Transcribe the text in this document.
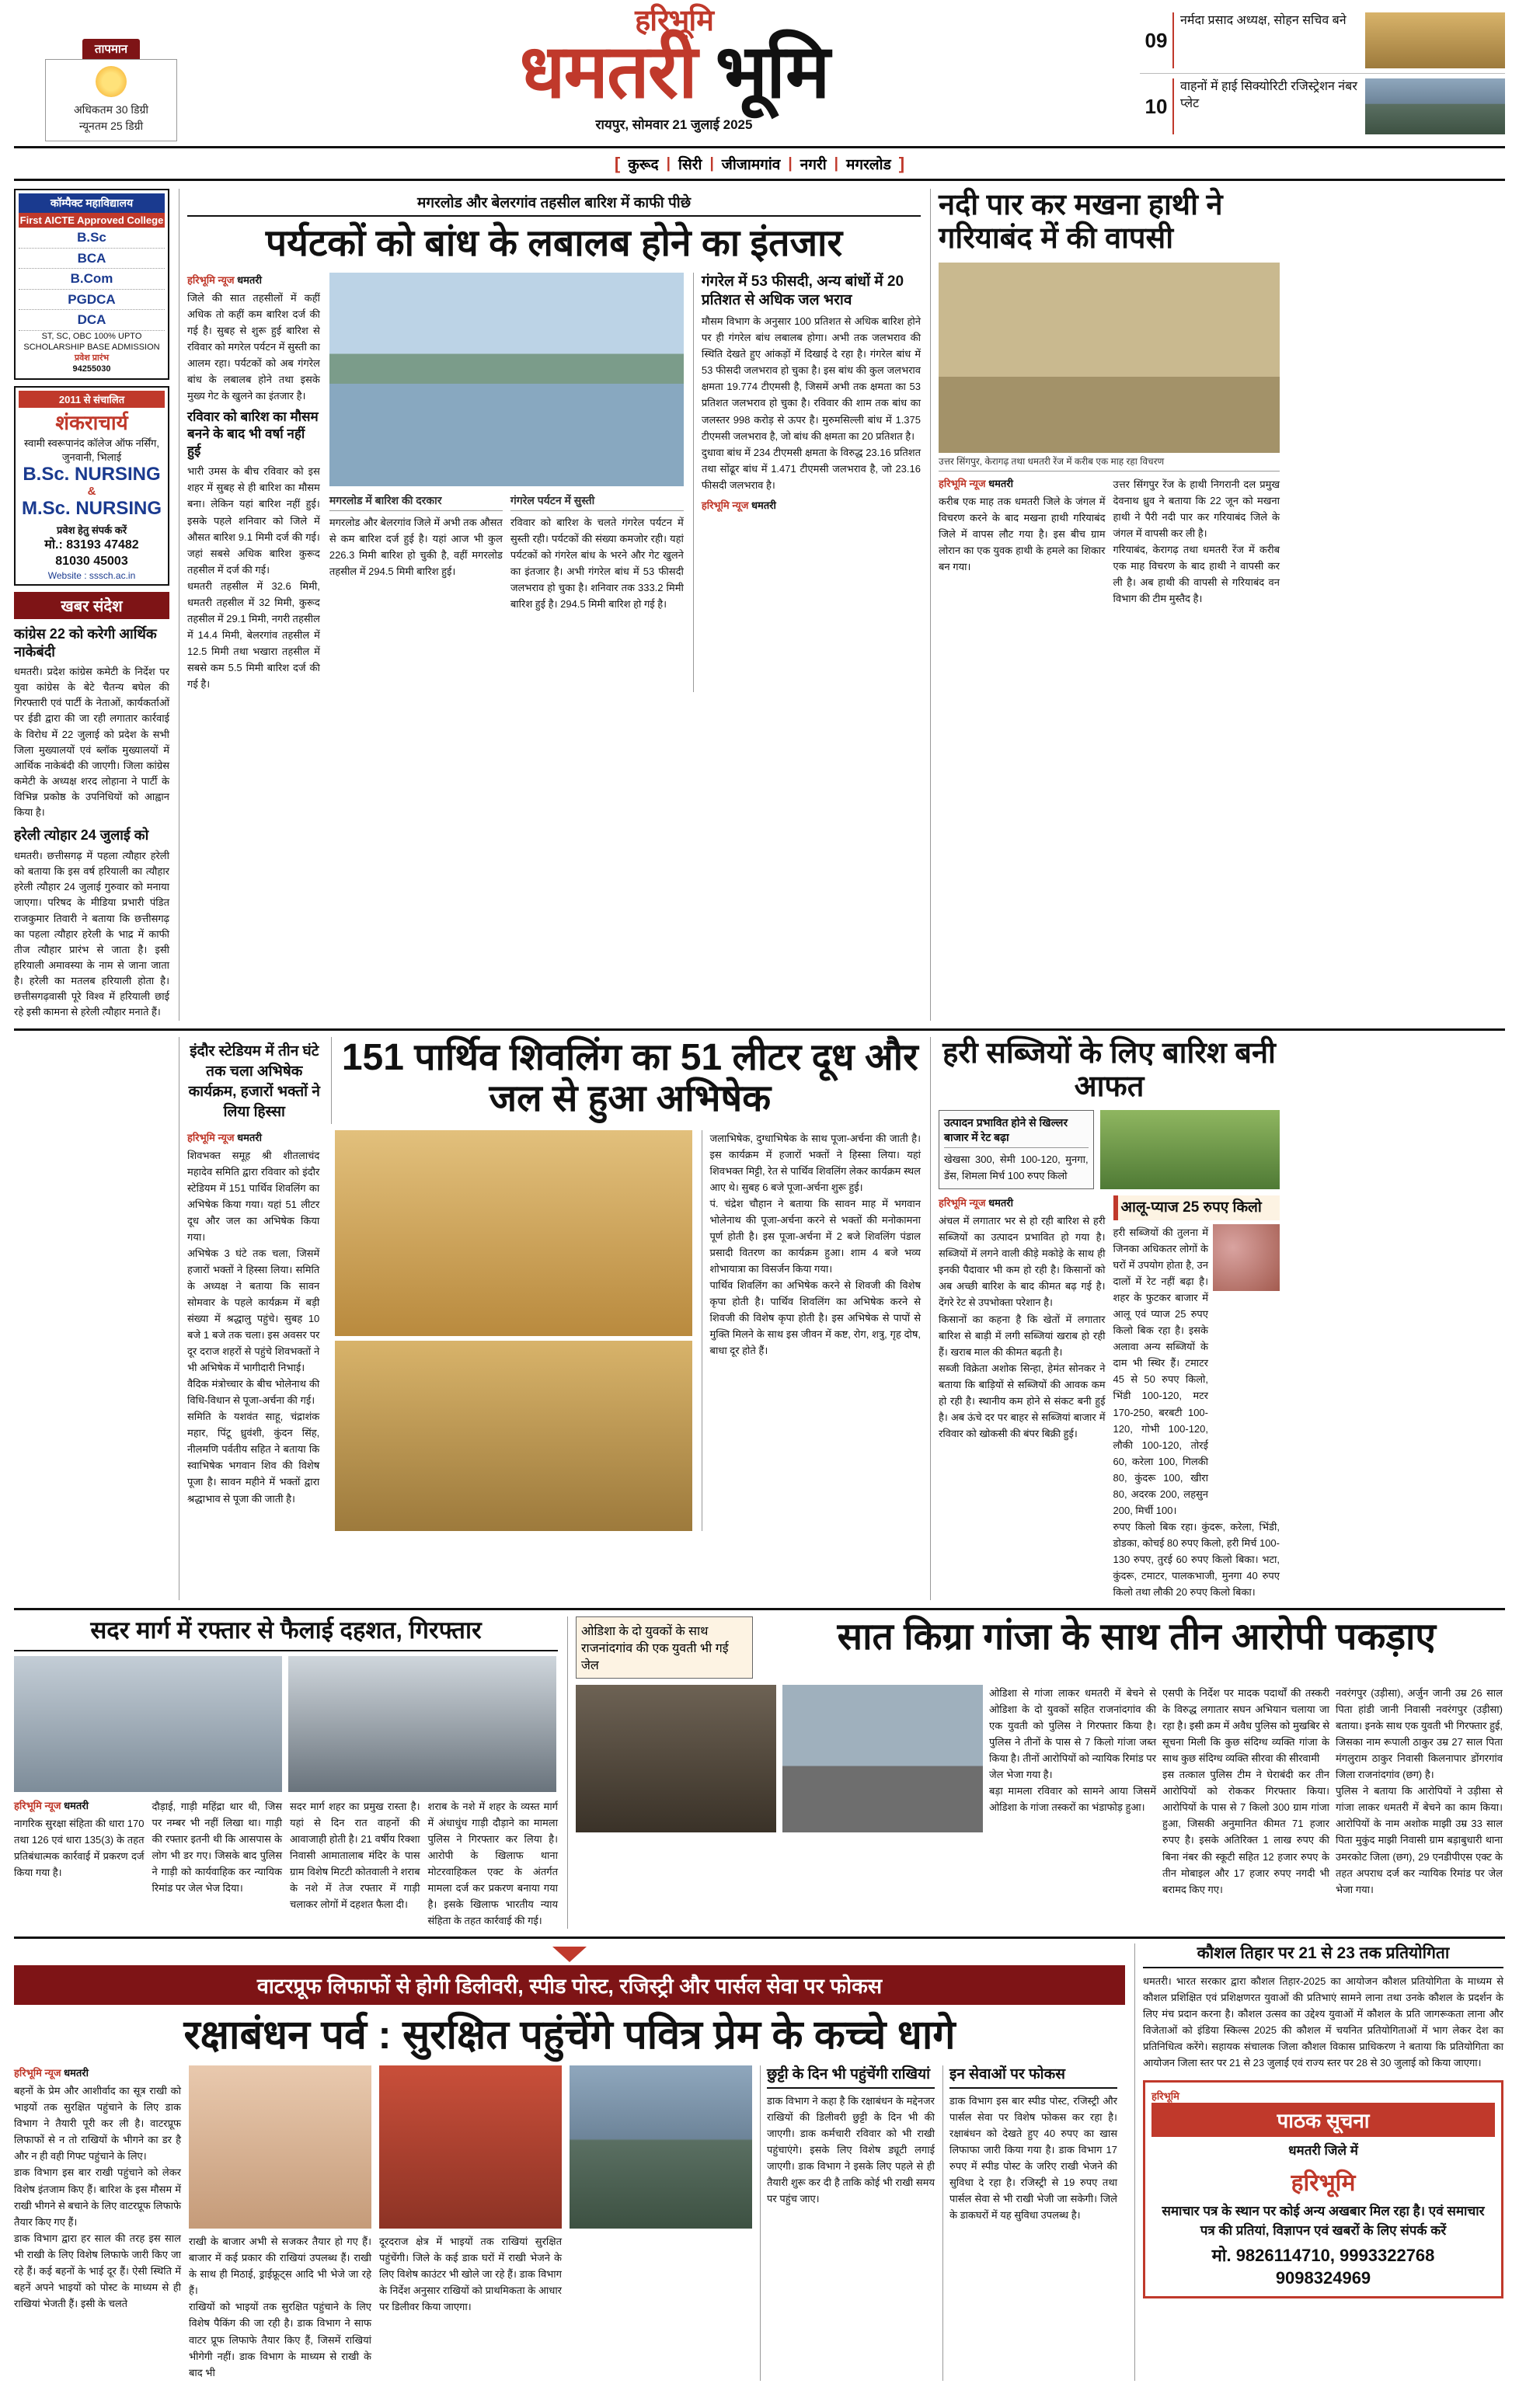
तापमान
अधिकतम 30 डिग्री
न्यूनतम 25 डिग्री
हरिभूमि
धमतरी भूमि
रायपुर, सोमवार 21 जुलाई 2025
09
नर्मदा प्रसाद अध्यक्ष, सोहन सचिव बने
10
वाहनों में हाई सिक्योरिटी रजिस्ट्रेशन नंबर प्लेट
[ कुरूद | सिरी | जीजामगांव | नगरी | मगरलोड ]
कॉम्पैक्ट महाविद्यालय
First AICTE Approved College
B.Sc
BCA
B.Com
PGDCA
DCA
ST, SC, OBC 100% UPTO SCHOLARSHIP BASE ADMISSION
प्रवेश प्रारंभ
94255030
2011 से संचालित
शंकराचार्य
स्वामी स्वरूपानंद कॉलेज ऑफ नर्सिंग, जुनवानी, भिलाई
B.Sc. NURSING
&
M.Sc. NURSING
प्रवेश हेतु संपर्क करें
मो.: 83193 47482
81030 45003
Website : sssch.ac.in
खबर संदेश
कांग्रेस 22 को करेगी आर्थिक नाकेबंदी
धमतरी। प्रदेश कांग्रेस कमेटी के निर्देश पर युवा कांग्रेस के बेटे चैतन्य बघेल की गिरफ्तारी एवं पार्टी के नेताओं, कार्यकर्ताओं पर ईडी द्वारा की जा रही लगातार कार्रवाई के विरोध में 22 जुलाई को प्रदेश के सभी जिला मुख्यालयों एवं ब्लॉक मुख्यालयों में आर्थिक नाकेबंदी की जाएगी। जिला कांग्रेस कमेटी के अध्यक्ष शरद लोहाना ने पार्टी के विभिन्न प्रकोष्ठ के उपनिधियों को आह्वान किया है।
हरेली त्योहार 24 जुलाई को
धमतरी। छत्तीसगढ़ में पहला त्यौहार हरेली को बताया कि इस वर्ष हरियाली का त्यौहार हरेली त्यौहार 24 जुलाई गुरुवार को मनाया जाएगा। परिषद के मीडिया प्रभारी पंडित राजकुमार तिवारी ने बताया कि छत्तीसगढ़ का पहला त्यौहार हरेली के भाद्र में काफी तीज त्यौहार प्रारंभ से जाता है। इसी हरियाली अमावस्या के नाम से जाना जाता है। हरेली का मतलब हरियाली होता है। छत्तीसगढ़वासी पूरे विश्व में हरियाली छाई रहे इसी कामना से हरेली त्यौहार मनाते हैं।
मगरलोड और बेलरगांव तहसील बारिश में काफी पीछे
पर्यटकों को बांध के लबालब होने का इंतजार
हरिभूमि न्यूज धमतरी
जिले की सात तहसीलों में कहीं अधिक तो कहीं कम बारिश दर्ज की गई है। सुबह से शुरू हुई बारिश से रविवार को मगरेल पर्यटन में सुस्ती का आलम रहा। पर्यटकों को अब गंगरेल बांध के लबालब होने तथा इसके मुख्य गेट के खुलने का इंतजार है।
रविवार को बारिश का मौसम बनने के बाद भी वर्षा नहीं हुई
भारी उमस के बीच रविवार को इस शहर में सुबह से ही बारिश का मौसम बना। लेकिन यहां बारिश नहीं हुई। इसके पहले शनिवार को जिले में औसत बारिश 9.1 मिमी दर्ज की गई। जहां सबसे अधिक बारिश कुरूद तहसील में दर्ज की गई।
धमतरी तहसील में 32.6 मिमी, धमतरी तहसील में 32 मिमी, कुरूद तहसील में 29.1 मिमी, नगरी तहसील में 14.4 मिमी, बेलरगांव तहसील में 12.5 मिमी तथा भखारा तहसील में सबसे कम 5.5 मिमी बारिश दर्ज की गई है।
मगरलोड में बारिश की दरकार
मगरलोड और बेलरगांव जिले में अभी तक औसत से कम बारिश दर्ज हुई है। यहां आज भी कुल 226.3 मिमी बारिश हो चुकी है, वहीं मगरलोड तहसील में 294.5 मिमी बारिश हुई।
गंगरेल पर्यटन में सुस्ती
रविवार को बारिश के चलते गंगरेल पर्यटन में सुस्ती रही। पर्यटकों की संख्या कमजोर रही। यहां पर्यटकों को गंगरेल बांध के भरने और गेट खुलने का इंतजार है। अभी गंगरेल बांध में 53 फीसदी जलभराव हो चुका है। शनिवार तक 333.2 मिमी बारिश हुई है। 294.5 मिमी बारिश हो गई है।
गंगरेल में 53 फीसदी, अन्य बांधों में 20 प्रतिशत से अधिक जल भराव
मौसम विभाग के अनुसार 100 प्रतिशत से अधिक बारिश होने पर ही गंगरेल बांध लबालब होगा। अभी तक जलभराव की स्थिति देखते हुए आंकड़ों में दिखाई दे रहा है। गंगरेल बांध में 53 फीसदी जलभराव हो चुका है। इस बांध की कुल जलभराव क्षमता 19.774 टीएमसी है, जिसमें अभी तक क्षमता का 53 प्रतिशत जलभराव हो चुका है। रविवार की शाम तक बांध का जलस्तर 998 करोड़ से ऊपर है। मुरुमसिल्ली बांध में 1.375 टीएमसी जलभराव है, जो बांध की क्षमता का 20 प्रतिशत है।
दुधावा बांध में 234 टीएमसी क्षमता के विरुद्ध 23.16 प्रतिशत तथा सोंढूर बांध में 1.471 टीएमसी जलभराव है, जो 23.16 फीसदी जलभराव है।
हरिभूमि न्यूज धमतरी
नदी पार कर मखना हाथी ने गरियाबंद में की वापसी
उत्तर सिंगपुर, केरागढ़ तथा धमतरी रेंज में करीब एक माह रहा विचरण
हरिभूमि न्यूज धमतरी
करीब एक माह तक धमतरी जिले के जंगल में विचरण करने के बाद मखना हाथी गरियाबंद जिले में वापस लौट गया है। इस बीच ग्राम लोरान का एक युवक हाथी के हमले का शिकार बन गया।
उत्तर सिंगपुर रेंज के हाथी निगरानी दल प्रमुख देवनाथ ध्रुव ने बताया कि 22 जून को मखना हाथी ने पैरी नदी पार कर गरियाबंद जिले के जंगल में वापसी कर ली है।
गरियाबंद, केरागढ़ तथा धमतरी रेंज में करीब एक माह विचरण के बाद हाथी ने वापसी कर ली है। अब हाथी की वापसी से गरियाबंद वन विभाग की टीम मुस्तैद है।
इंदौर स्टेडियम में तीन घंटे तक चला अभिषेक कार्यक्रम, हजारों भक्तों ने लिया हिस्सा
151 पार्थिव शिवलिंग का 51 लीटर दूध और जल से हुआ अभिषेक
हरिभूमि न्यूज धमतरी
शिवभक्त समूह श्री शीतलाचंद महादेव समिति द्वारा रविवार को इंदौर स्टेडियम में 151 पार्थिव शिवलिंग का अभिषेक किया गया। यहां 51 लीटर दूध और जल का अभिषेक किया गया।
अभिषेक 3 घंटे तक चला, जिसमें हजारों भक्तों ने हिस्सा लिया। समिति के अध्यक्ष ने बताया कि सावन सोमवार के पहले कार्यक्रम में बड़ी संख्या में श्रद्धालु पहुंचे। सुबह 10 बजे 1 बजे तक चला। इस अवसर पर दूर दराज शहरों से पहुंचे शिवभक्तों ने भी अभिषेक में भागीदारी निभाई।
वैदिक मंत्रोच्चार के बीच भोलेनाथ की विधि-विधान से पूजा-अर्चना की गई।
समिति के यशवंत साहू, चंद्राशंक महार, पिंटू ध्रुवंशी, कुंदन सिंह, नीलमणि पर्वतीय सहित ने बताया कि स्वाभिषेक भगवान शिव की विशेष पूजा है। सावन महीने में भक्तों द्वारा श्रद्धाभाव से पूजा की जाती है।
जलाभिषेक, दुग्धाभिषेक के साथ पूजा-अर्चना की जाती है। इस कार्यक्रम में हजारों भक्तों ने हिस्सा लिया। यहां शिवभक्त मिट्टी, रेत से पार्थिव शिवलिंग लेकर कार्यक्रम स्थल आए थे। सुबह 6 बजे पूजा-अर्चना शुरू हुई।
पं. चंद्रेश चौहान ने बताया कि सावन माह में भगवान भोलेनाथ की पूजा-अर्चना करने से भक्तों की मनोकामना पूर्ण होती है। इस पूजा-अर्चना में 2 बजे शिवलिंग पंडाल प्रसादी वितरण का कार्यक्रम हुआ। शाम 4 बजे भव्य शोभायात्रा का विसर्जन किया गया।
पार्थिव शिवलिंग का अभिषेक करने से शिवजी की विशेष कृपा होती है। पार्थिव शिवलिंग का अभिषेक करने से शिवजी की विशेष कृपा होती है। इस अभिषेक से पापों से मुक्ति मिलने के साथ इस जीवन में कष्ट, रोग, शत्रु, गृह दोष, बाधा दूर होते हैं।
हरी सब्जियों के लिए बारिश बनी आफत
उत्पादन प्रभावित होने से खिल्लर बाजार में रेट बढ़ा
खेखसा 300, सेमी 100-120, मुनगा, डेंस, शिमला मिर्च 100 रुपए किलो
हरिभूमि न्यूज धमतरी
अंचल में लगातार भर से हो रही बारिश से हरी सब्जियों का उत्पादन प्रभावित हो गया है। सब्जियों में लगने वाली कीड़े मकोड़े के साथ ही इनकी पैदावार भी कम हो रही है। किसानों को अब अच्छी बारिश के बाद कीमत बढ़ गई है। देंगरे रेट से उपभोक्ता परेशान है।
किसानों का कहना है कि खेतों में लगातार बारिश से बाड़ी में लगी सब्जियां खराब हो रही हैं। खराब माल की कीमत बढ़ती है।
सब्जी विक्रेता अशोक सिन्हा, हेमंत सोनकर ने बताया कि बाड़ियों से सब्जियों की आवक कम हो रही है। स्थानीय कम होने से संकट बनी हुई है। अब ऊंचे दर पर बाहर से सब्जियां बाजार में रविवार को खोकसी की बंपर बिक्री हुई।
आलू-प्याज 25 रुपए किलो
हरी सब्जियों की तुलना में जिनका अधिकतर लोगों के घरों में उपयोग होता है, उन दालों में रेट नहीं बढ़ा है। शहर के फुटकर बाजार में आलू एवं प्याज 25 रुपए किलो बिक रहा है। इसके अलावा अन्य सब्जियों के दाम भी स्थिर हैं। टमाटर 45 से 50 रुपए किलो, भिंडी 100-120, मटर 170-250, बरबटी 100-120, गोभी 100-120, लौकी 100-120, तोरई 60, करेला 100, गिलकी 80, कुंदरू 100, खीरा 80, अदरक 200, लहसुन 200, मिर्ची 100।
रुपए किलो बिक रहा। कुंदरू, करेला, भिंडी, डोडका, कोचई 80 रुपए किलो, हरी मिर्च 100-130 रुपए, तुरई 60 रुपए किलो बिका। भटा, कुंदरू, टमाटर, पालकभाजी, मुनगा 40 रुपए किलो तथा लौकी 20 रुपए किलो बिका।
सदर मार्ग में रफ्तार से फैलाई दहशत, गिरफ्तार
हरिभूमि न्यूज धमतरी
नागरिक सुरक्षा संहिता की धारा 170 तथा 126 एवं धारा 135(3) के तहत प्रतिबंधात्मक कार्रवाई में प्रकरण दर्ज किया गया है।
दौड़ाई, गाड़ी महिंद्रा थार थी, जिस पर नम्बर भी नहीं लिखा था। गाड़ी की रफ्तार इतनी थी कि आसपास के लोग भी डर गए। जिसके बाद पुलिस ने गाड़ी को कार्यवाहिक कर न्यायिक रिमांड पर जेल भेज दिया।
सदर मार्ग शहर का प्रमुख रास्ता है। यहां से दिन रात वाहनों की आवाजाही होती है। 21 वर्षीय रिक्शा निवासी आमातालाब मंदिर के पास ग्राम विशेष मिटटी कोतवाली ने शराब के नशे में तेज रफ्तार में गाड़ी चलाकर लोगों में दहशत फैला दी।
शराब के नशे में शहर के व्यस्त मार्ग में अंधाधुंध गाड़ी दौड़ाने का मामला पुलिस ने गिरफ्तार कर लिया है। आरोपी के खिलाफ थाना मोटरवाहिकल एक्ट के अंतर्गत मामला दर्ज कर प्रकरण बनाया गया है। इसके खिलाफ भारतीय न्याय संहिता के तहत कार्रवाई की गई।
ओडिशा के दो युवकों के साथ राजनांदगांव की एक युवती भी गई जेल
सात किग्रा गांजा के साथ तीन आरोपी पकड़ाए
ओडिशा से गांजा लाकर धमतरी में बेचने से ओडिशा के दो युवकों सहित राजनांदगांव की एक युवती को पुलिस ने गिरफ्तार किया है। पुलिस ने तीनों के पास से 7 किलो गांजा जब्त किया है। तीनों आरोपियों को न्यायिक रिमांड पर जेल भेजा गया है।
बड़ा मामला रविवार को सामने आया जिसमें ओडिशा के गांजा तस्करों का भंडाफोड़ हुआ।
एसपी के निर्देश पर मादक पदार्थों की तस्करी के विरुद्ध लगातार सघन अभियान चलाया जा रहा है। इसी क्रम में अवैध पुलिस को मुखबिर से सूचना मिली कि कुछ संदिग्ध व्यक्ति गांजा के साथ कुछ संदिग्ध व्यक्ति सीरवा की सीरवामी
इस तत्काल पुलिस टीम ने घेराबंदी कर तीन आरोपियों को रोककर गिरफ्तार किया। आरोपियों के पास से 7 किलो 300 ग्राम गांजा हुआ, जिसकी अनुमानित कीमत 71 हजार रुपए है। इसके अतिरिक्त 1 लाख रुपए की बिना नंबर की स्कूटी सहित 12 हजार रुपए के तीन मोबाइल और 17 हजार रुपए नगदी भी बरामद किए गए।
नवरंगपुर (उड़ीसा), अर्जुन जानी उम्र 26 साल पिता हांडी जानी निवासी नवरंगपुर (उड़ीसा) बताया। इनके साथ एक युवती भी गिरफ्तार हुई, जिसका नाम रूपाली ठाकुर उम्र 27 साल पिता मंगलुराम ठाकुर निवासी किलनापार डोंगरगांव जिला राजनांदगांव (छग) है।
पुलिस ने बताया कि आरोपियों ने उड़ीसा से गांजा लाकर धमतरी में बेचने का काम किया। आरोपियों के नाम अशोक माझी उम्र 33 साल पिता मुकुंद माझी निवासी ग्राम बड़ाबुधारी थाना उमरकोट जिला (छग), 29 एनडीपीएस एक्ट के तहत अपराध दर्ज कर न्यायिक रिमांड पर जेल भेजा गया।
वाटरप्रूफ लिफाफों से होगी डिलीवरी, स्पीड पोस्ट, रजिस्ट्री और पार्सल सेवा पर फोकस
रक्षाबंधन पर्व : सुरक्षित पहुंचेंगे पवित्र प्रेम के कच्चे धागे
हरिभूमि न्यूज धमतरी
बहनों के प्रेम और आशीर्वाद का सूत्र राखी को भाइयों तक सुरक्षित पहुंचाने के लिए डाक विभाग ने तैयारी पूरी कर ली है। वाटरप्रूफ लिफाफों से न तो राखियों के भीगने का डर है और न ही वही गिफ्ट पहुंचाने के लिए।
डाक विभाग इस बार राखी पहुंचाने को लेकर विशेष इंतजाम किए हैं। बारिश के इस मौसम में राखी भीगने से बचाने के लिए वाटरप्रूफ लिफाफे तैयार किए गए हैं।
डाक विभाग द्वारा हर साल की तरह इस साल भी राखी के लिए विशेष लिफाफे जारी किए जा रहे हैं। कई बहनों के भाई दूर हैं। ऐसी स्थिति में बहनें अपने भाइयों को पोस्ट के माध्यम से ही राखियां भेजती हैं। इसी के चलते
राखी के बाजार अभी से सजकर तैयार हो गए हैं। बाजार में कई प्रकार की राखियां उपलब्ध हैं। राखी के साथ ही मिठाई, ड्राईफ्रूट्स आदि भी भेजे जा रहे हैं।
राखियों को भाइयों तक सुरक्षित पहुंचाने के लिए विशेष पैकिंग की जा रही है। डाक विभाग ने साफ वाटर प्रूफ लिफाफे तैयार किए हैं, जिसमें राखियां भीगेगी नहीं। डाक विभाग के माध्यम से राखी के बाद भी
दूरदराज क्षेत्र में भाइयों तक राखियां सुरक्षित पहुंचेंगी। जिले के कई डाक घरों में राखी भेजने के लिए विशेष काउंटर भी खोले जा रहे हैं। डाक विभाग के निर्देश अनुसार राखियों को प्राथमिकता के आधार पर डिलीवर किया जाएगा।
छुट्टी के दिन भी पहुंचेंगी राखियां
डाक विभाग ने कहा है कि रक्षाबंधन के मद्देनजर राखियों की डिलीवरी छुट्टी के दिन भी की जाएगी। डाक कर्मचारी रविवार को भी राखी पहुंचाएंगे। इसके लिए विशेष ड्यूटी लगाई जाएगी। डाक विभाग ने इसके लिए पहले से ही तैयारी शुरू कर दी है ताकि कोई भी राखी समय पर पहुंच जाए।
इन सेवाओं पर फोकस
डाक विभाग इस बार स्पीड पोस्ट, रजिस्ट्री और पार्सल सेवा पर विशेष फोकस कर रहा है। रक्षाबंधन को देखते हुए 40 रुपए का खास लिफाफा जारी किया गया है। डाक विभाग 17 रुपए में स्पीड पोस्ट के जरिए राखी भेजने की सुविधा दे रहा है। रजिस्ट्री से 19 रुपए तथा पार्सल सेवा से भी राखी भेजी जा सकेगी। जिले के डाकघरों में यह सुविधा उपलब्ध है।
कौशल तिहार पर 21 से 23 तक प्रतियोगिता
धमतरी। भारत सरकार द्वारा कौशल तिहार-2025 का आयोजन कौशल प्रतियोगिता के माध्यम से कौशल प्रशिक्षित एवं प्रशिक्षणरत युवाओं की प्रतिभाएं सामने लाना तथा उनके कौशल के प्रदर्शन के लिए मंच प्रदान करना है। कौशल उत्सव का उद्देश्य युवाओं में कौशल के प्रति जागरूकता लाना और विजेताओं को इंडिया स्किल्स 2025 की कौशल में चयनित प्रतियोगिताओं में भाग लेकर देश का प्रतिनिधित्व करेंगे। सहायक संचालक जिला कौशल विकास प्राधिकरण ने बताया कि प्रतियोगिता का आयोजन जिला स्तर पर 21 से 23 जुलाई एवं राज्य स्तर पर 28 से 30 जुलाई को किया जाएगा।
हरिभूमि
पाठक सूचना
धमतरी जिले में
हरिभूमि
समाचार पत्र के स्थान पर कोई अन्य अखबार मिल रहा है। एवं समाचार पत्र की प्रतियां, विज्ञापन एवं खबरों के लिए संपर्क करें
मो. 9826114710, 9993322768
9098324969
